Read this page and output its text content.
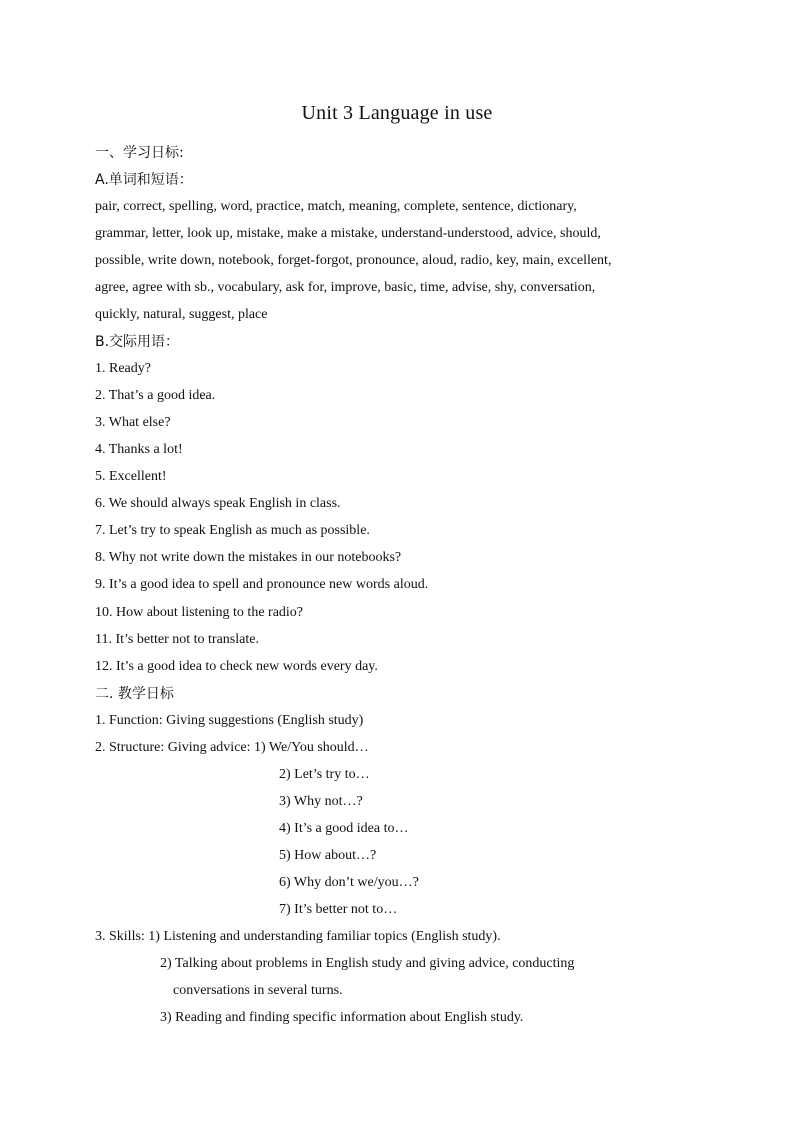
Unit 3 Language in use
一、学习日标:
A.单词和短语：
pair, correct, spelling, word, practice, match, meaning, complete, sentence, dictionary,
grammar, letter, look up, mistake, make a mistake, understand-understood, advice, should,
possible, write down, notebook, forget-forgot, pronounce, aloud, radio, key, main, excellent,
agree, agree with sb., vocabulary, ask for, improve, basic, time, advise, shy, conversation,
quickly, natural, suggest, place
B.交际用语：
1. Ready?
2. That’s a good idea.
3. What else?
4. Thanks a lot!
5. Excellent!
6. We should always speak English in class.
7. Let’s try to speak English as much as possible.
8. Why not write down the mistakes in our notebooks?
9. It’s a good idea to spell and pronounce new words aloud.
10. How about listening to the radio?
11. It’s better not to translate.
12. It’s a good idea to check new words every day.
二. 教学日标
1. Function: Giving suggestions (English study)
2. Structure: Giving advice: 1) We/You should…
2) Let’s try to…
3) Why not…?
4) It’s a good idea to…
5) How about…?
6) Why don’t we/you…?
7) It’s better not to…
3. Skills: 1) Listening and understanding familiar topics (English study).
2) Talking about problems in English study and giving advice, conducting
conversations in several turns.
3) Reading and finding specific information about English study.
